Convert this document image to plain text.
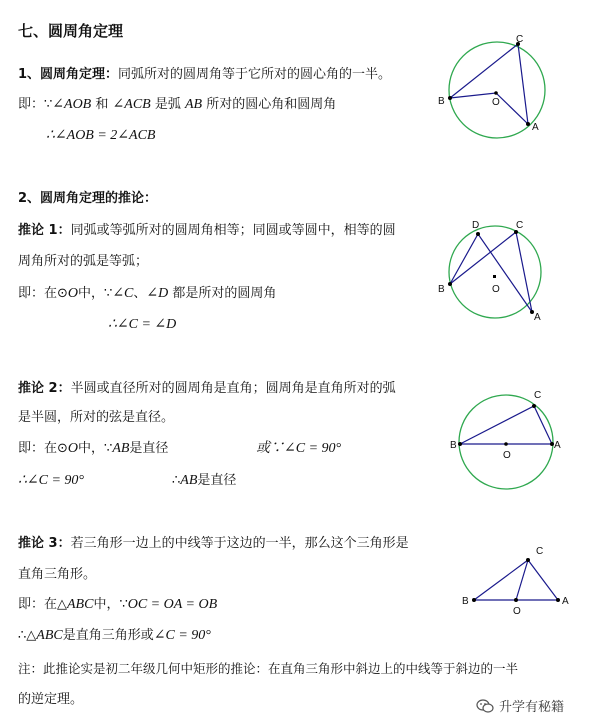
七、圆周角定理
1、圆周角定理：同弧所对的圆周角等于它所对的圆心角的一半。
即：∵∠AOB 和 ∠ACB 是弧 AB 所对的圆心角和圆周角
∴∠AOB = 2∠ACB
2、圆周角定理的推论：
推论 1：同弧或等弧所对的圆周角相等；同圆或等圆中，相等的圆
周角所对的弧是等弧；
即：在⊙O中，∵∠C、∠D 都是所对的圆周角
∴∠C = ∠D
推论 2：半圆或直径所对的圆周角是直角；圆周角是直角所对的弧
是半圆，所对的弦是直径。
即：在⊙O中，∵AB是直径	或∵∠C = 90°
∴∠C = 90°	∴AB是直径
推论 3：若三角形一边上的中线等于这边的一半，那么这个三角形是
直角三角形。
即：在△ABC中，∵OC = OA = OB
∴△ABC是直角三角形或∠C = 90°
注：此推论实是初二年级几何中矩形的推论：在直角三角形中斜边上的中线等于斜边的一半
的逆定理。
B
C
A
O
B
D	C
A
O
B	A
C
O
B	A
C
O
升学有秘籍
